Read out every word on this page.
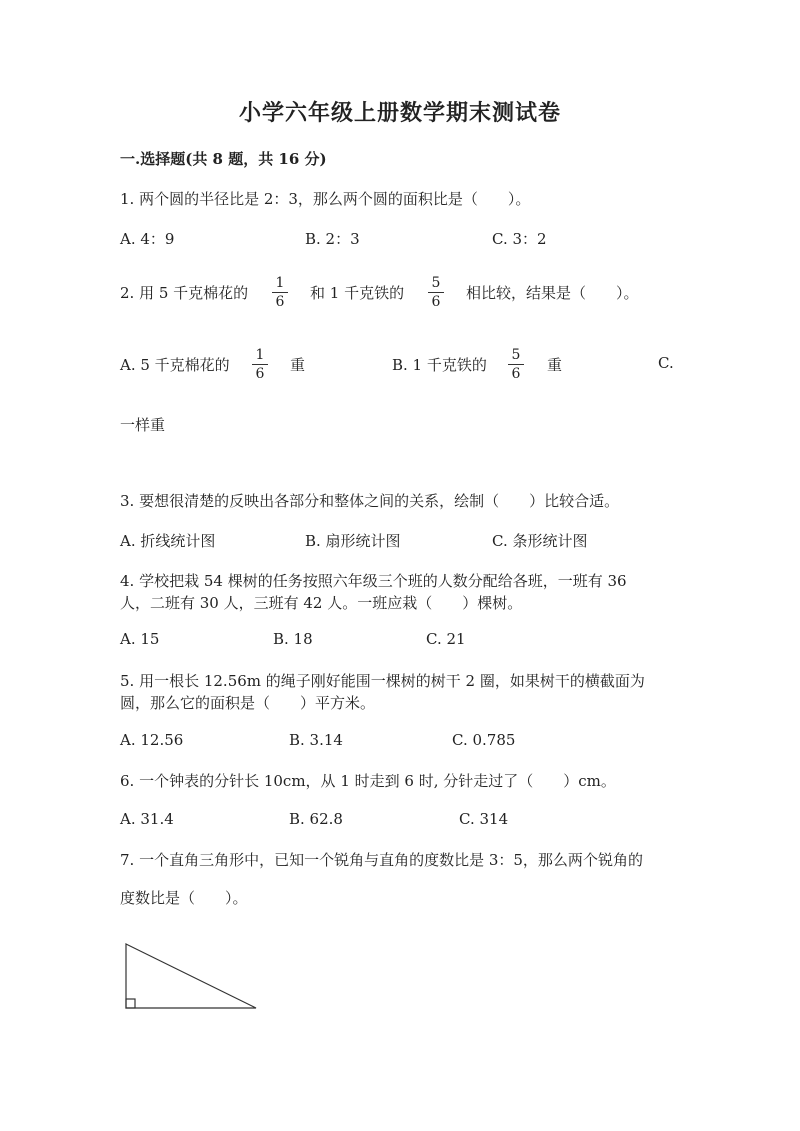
小学六年级上册数学期末测试卷
一.选择题(共 8 题，共 16 分)
1. 两个圆的半径比是 2：3，那么两个圆的面积比是（　　）。
A. 4：9	B. 2：3	C. 3：2
2. 用 5 千克棉花的
1
6	和 1 千克铁的
5
6	相比较，结果是（　　）。
A. 5 千克棉花的
1
6	重	B. 1 千克铁的
5
6	重	C.
一样重
3. 要想很清楚的反映出各部分和整体之间的关系，绘制（　　）比较合适。
A. 折线统计图	B. 扇形统计图	C. 条形统计图
4. 学校把栽 54 棵树的任务按照六年级三个班的人数分配给各班，一班有 36
人，二班有 30 人，三班有 42 人。一班应栽（　　）棵树。
A. 15	B. 18	C. 21
5. 用一根长 12.56m 的绳子刚好能围一棵树的树干 2 圈，如果树干的横截面为
圆，那么它的面积是（　　）平方米。
A. 12.56	B. 3.14	C. 0.785
6. 一个钟表的分针长 10cm，从 1 时走到 6 时, 分针走过了（　　）cm。
A. 31.4	B. 62.8	C. 314
7. 一个直角三角形中，已知一个锐角与直角的度数比是 3：5，那么两个锐角的
度数比是（　　）。
